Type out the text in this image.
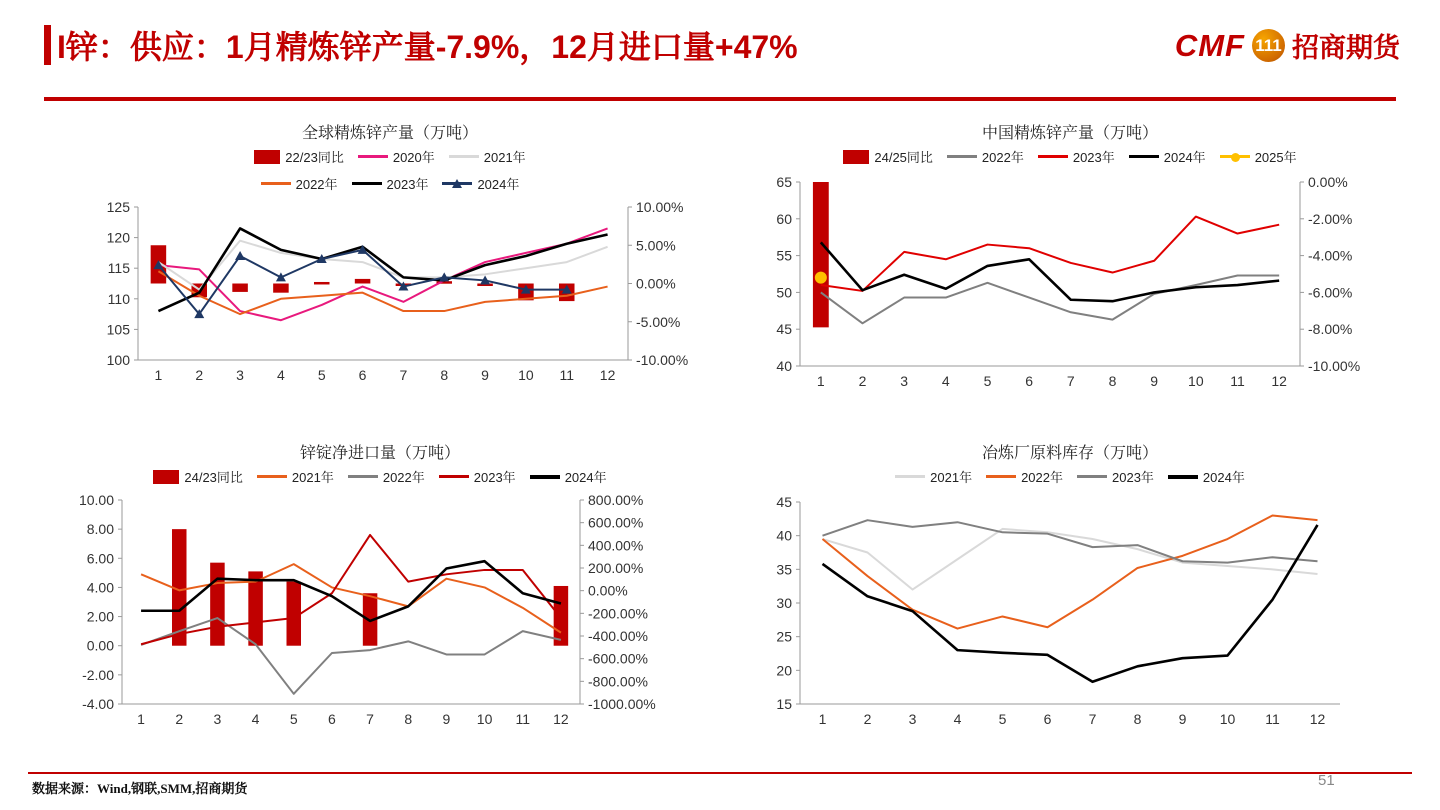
I锌：供应：1月精炼锌产量-7.9%，12月进口量+47%	CMF 111 招商期货
全球精炼锌产量（万吨）
22/23同比	2020年	2021年
2022年	2023年	2024年
100
105
110
115
120
125
-10.00%
-5.00%
0.00%
5.00%
10.00%
1 2 3 4 5 6 7 8 9 10 11 12
中国精炼锌产量（万吨）
24/25同比	2022年	2023年	2024年	2025年
40
45
50
55
60
65
-10.00%
-8.00%
-6.00%
-4.00%
-2.00%
0.00%
1 2 3 4 5 6 7 8 9 10 11 12
锌锭净进口量（万吨）
24/23同比	2021年	2022年	2023年	2024年
-4.00
-2.00
0.00
2.00
4.00
6.00
8.00
10.00
-1000.00%
-800.00%
-600.00%
-400.00%
-200.00%
0.00%
200.00%
400.00%
600.00%
800.00%
1 2 3 4 5 6 7 8 9 10 11 12
冶炼厂原料库存（万吨）
2021年	2022年	2023年	2024年
15
20
25
30
35
40
45
1	2	3	4	5	6	7	8	9 10 11 12
数据来源：Wind,钢联,SMM,招商期货	51
